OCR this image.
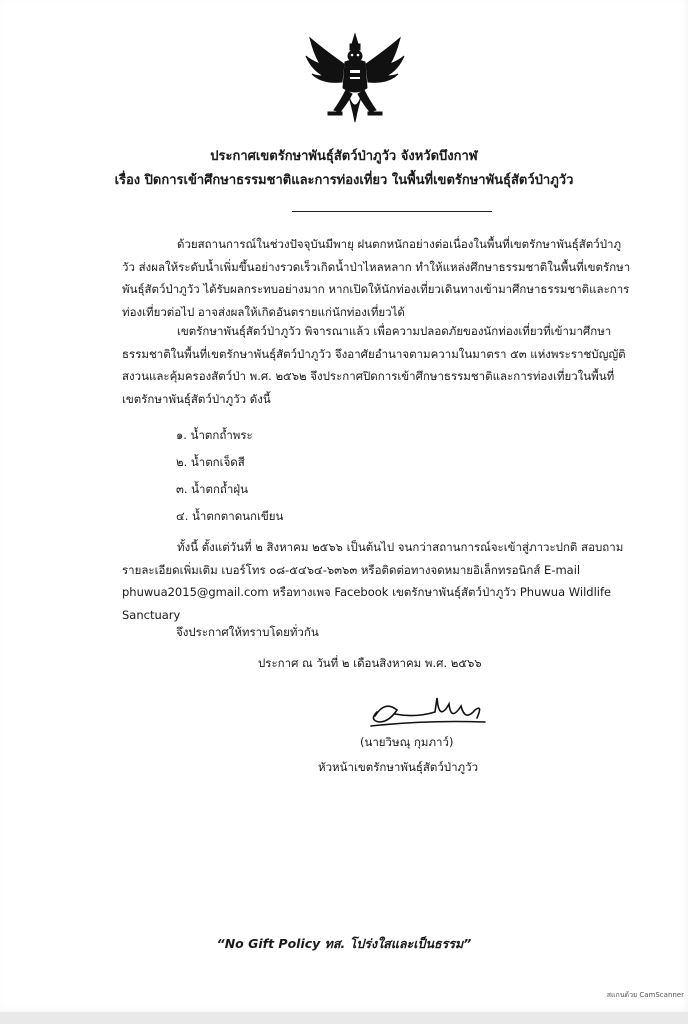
ประกาศเขตรักษาพันธุ์สัตว์ป่าภูวัว จังหวัดบึงกาฬ
เรื่อง ปิดการเข้าศึกษาธรรมชาติและการท่องเที่ยว ในพื้นที่เขตรักษาพันธุ์สัตว์ป่าภูวัว

ด้วยสถานการณ์ในช่วงปัจจุบันมีพายุ ฝนตกหนักอย่างต่อเนื่องในพื้นที่เขตรักษาพันธุ์สัตว์ป่าภูวัว ส่งผลให้ระดับน้ำเพิ่มขึ้นอย่างรวดเร็วเกิดน้ำป่าไหลหลาก ทำให้แหล่งศึกษาธรรมชาติในพื้นที่เขตรักษาพันธุ์สัตว์ป่าภูวัว ได้รับผลกระทบอย่างมาก หากเปิดให้นักท่องเที่ยวเดินทางเข้ามาศึกษาธรรมชาติและการท่องเที่ยวต่อไป อาจส่งผลให้เกิดอันตรายแก่นักท่องเที่ยวได้

เขตรักษาพันธุ์สัตว์ป่าภูวัว พิจารณาแล้ว เพื่อความปลอดภัยของนักท่องเที่ยวที่เข้ามาศึกษาธรรมชาติในพื้นที่เขตรักษาพันธุ์สัตว์ป่าภูวัว จึงอาศัยอำนาจตามความในมาตรา ๕๓ แห่งพระราชบัญญัติสงวนและคุ้มครองสัตว์ป่า พ.ศ. ๒๕๖๒ จึงประกาศปิดการเข้าศึกษาธรรมชาติและการท่องเที่ยวในพื้นที่เขตรักษาพันธุ์สัตว์ป่าภูวัว ดังนี้

๑. น้ำตกถ้ำพระ
๒. น้ำตกเจ็ดสี
๓. น้ำตกถ้ำฝุ่น
๔. น้ำตกตาดนกเขียน

ทั้งนี้ ตั้งแต่วันที่ ๒ สิงหาคม ๒๕๖๖ เป็นต้นไป จนกว่าสถานการณ์จะเข้าสู่ภาวะปกติ สอบถามรายละเอียดเพิ่มเติม เบอร์โทร ๐๘-๕๔๖๔-๖๓๖๓ หรือติดต่อทางจดหมายอิเล็กทรอนิกส์ E-mail phuwua2015@gmail.com หรือทางเพจ Facebook เขตรักษาพันธุ์สัตว์ป่าภูวัว Phuwua Wildlife Sanctuary

จึงประกาศให้ทราบโดยทั่วกัน
ประกาศ ณ วันที่ ๒ เดือนสิงหาคม พ.ศ. ๒๕๖๖
(นายวิษณุ กุมภาว์)
หัวหน้าเขตรักษาพันธุ์สัตว์ป่าภูวัว
“No Gift Policy ทส. โปร่งใสและเป็นธรรม”
สแกนด้วย CamScanner
